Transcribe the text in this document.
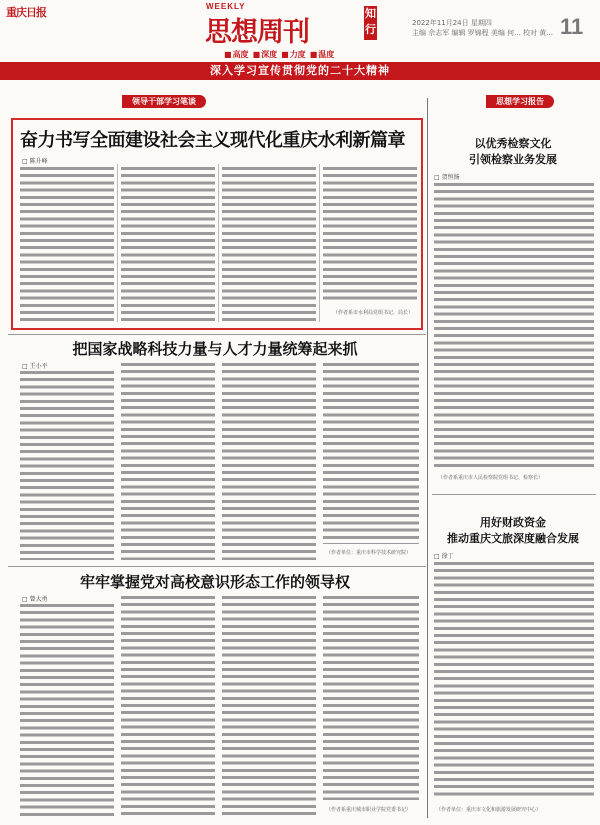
重庆日报	WEEKLY
思想周刊
知行	2022年11月24日 星期四
主编 佘志军 编辑 罗锦程 美编 何... 校对 黄... 11
■ 高度	■ 深度	■ 力度	■ 温度
深入学习宣传贯彻党的二十大精神
领导干部学习笔谈	思想学习报告
奋力书写全面建设社会主义现代化重庆水利新篇章
□ 陈升峰
（作者系市水利局党组书记、局长）
以优秀检察文化
引领检察业务发展
□ 贺恒扬
（作者系重庆市人民检察院党组书记、检察长）
把国家战略科技力量与人才力量统筹起来抓
□ 王小平
（作者单位：重庆市科学技术研究院）
牢牢掌握党对高校意识形态工作的领导权
□ 曾大勇
（作者系重庆城市职业学院党委书记）
用好财政资金
推动重庆文旅深度融合发展
□ 徐丁
（作者单位：重庆市文化和旅游发展研究中心）
